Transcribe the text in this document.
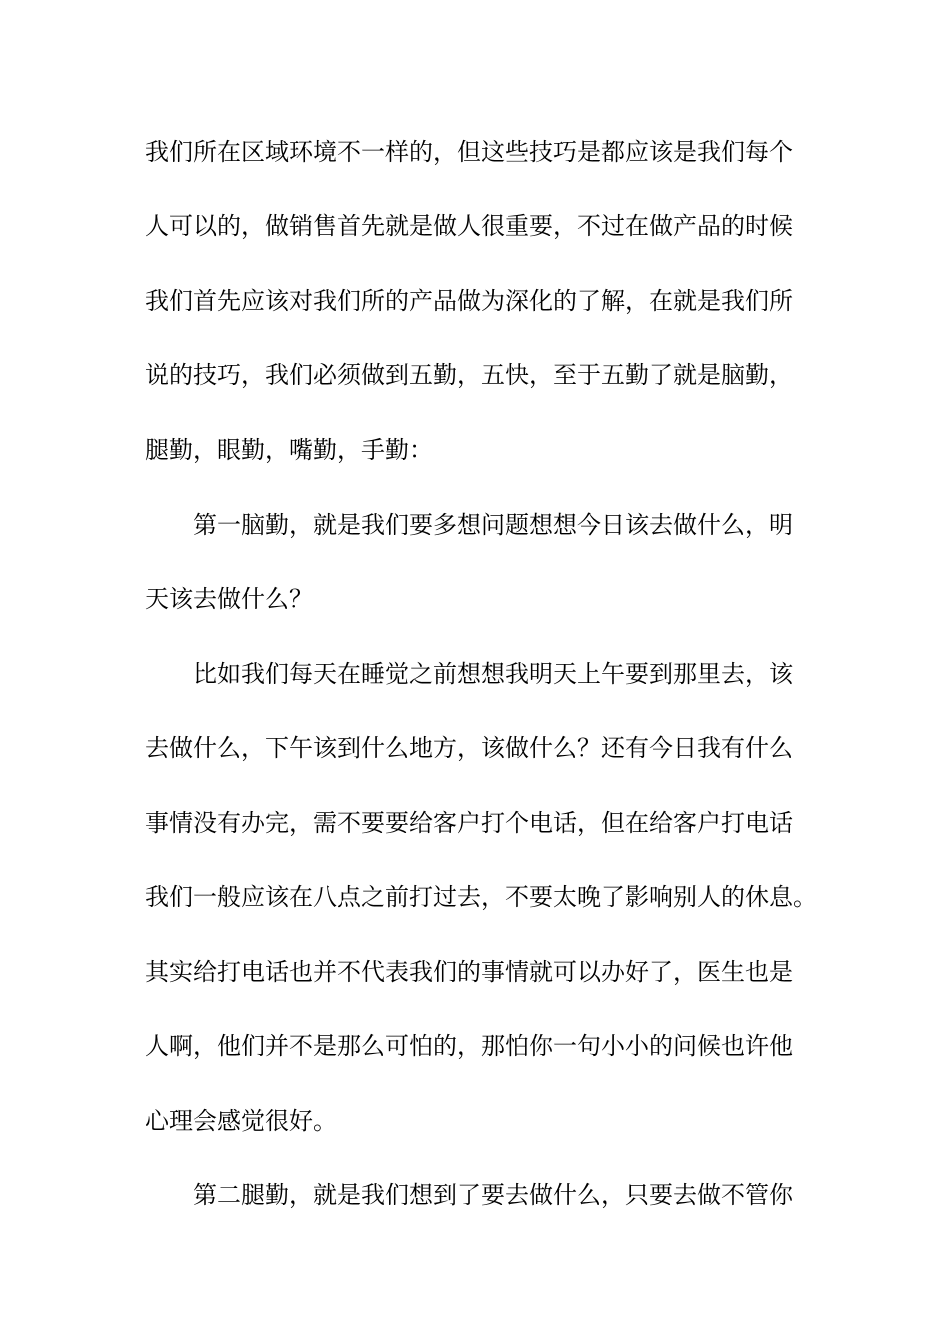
我们所在区域环境不一样的，但这些技巧是都应该是我们每个

人可以的，做销售首先就是做人很重要，不过在做产品的时候

我们首先应该对我们所的产品做为深化的了解，在就是我们所

说的技巧，我们必须做到五勤，五快，至于五勤了就是脑勤，

腿勤，眼勤，嘴勤，手勤：

第一脑勤，就是我们要多想问题想想今日该去做什么，明

天该去做什么？

比如我们每天在睡觉之前想想我明天上午要到那里去，该

去做什么，下午该到什么地方，该做什么？还有今日我有什么

事情没有办完，需不要要给客户打个电话，但在给客户打电话

我们一般应该在八点之前打过去，不要太晚了影响别人的休息。

其实给打电话也并不代表我们的事情就可以办好了，医生也是

人啊，他们并不是那么可怕的，那怕你一句小小的问候也许他

心理会感觉很好。

第二腿勤，就是我们想到了要去做什么，只要去做不管你
